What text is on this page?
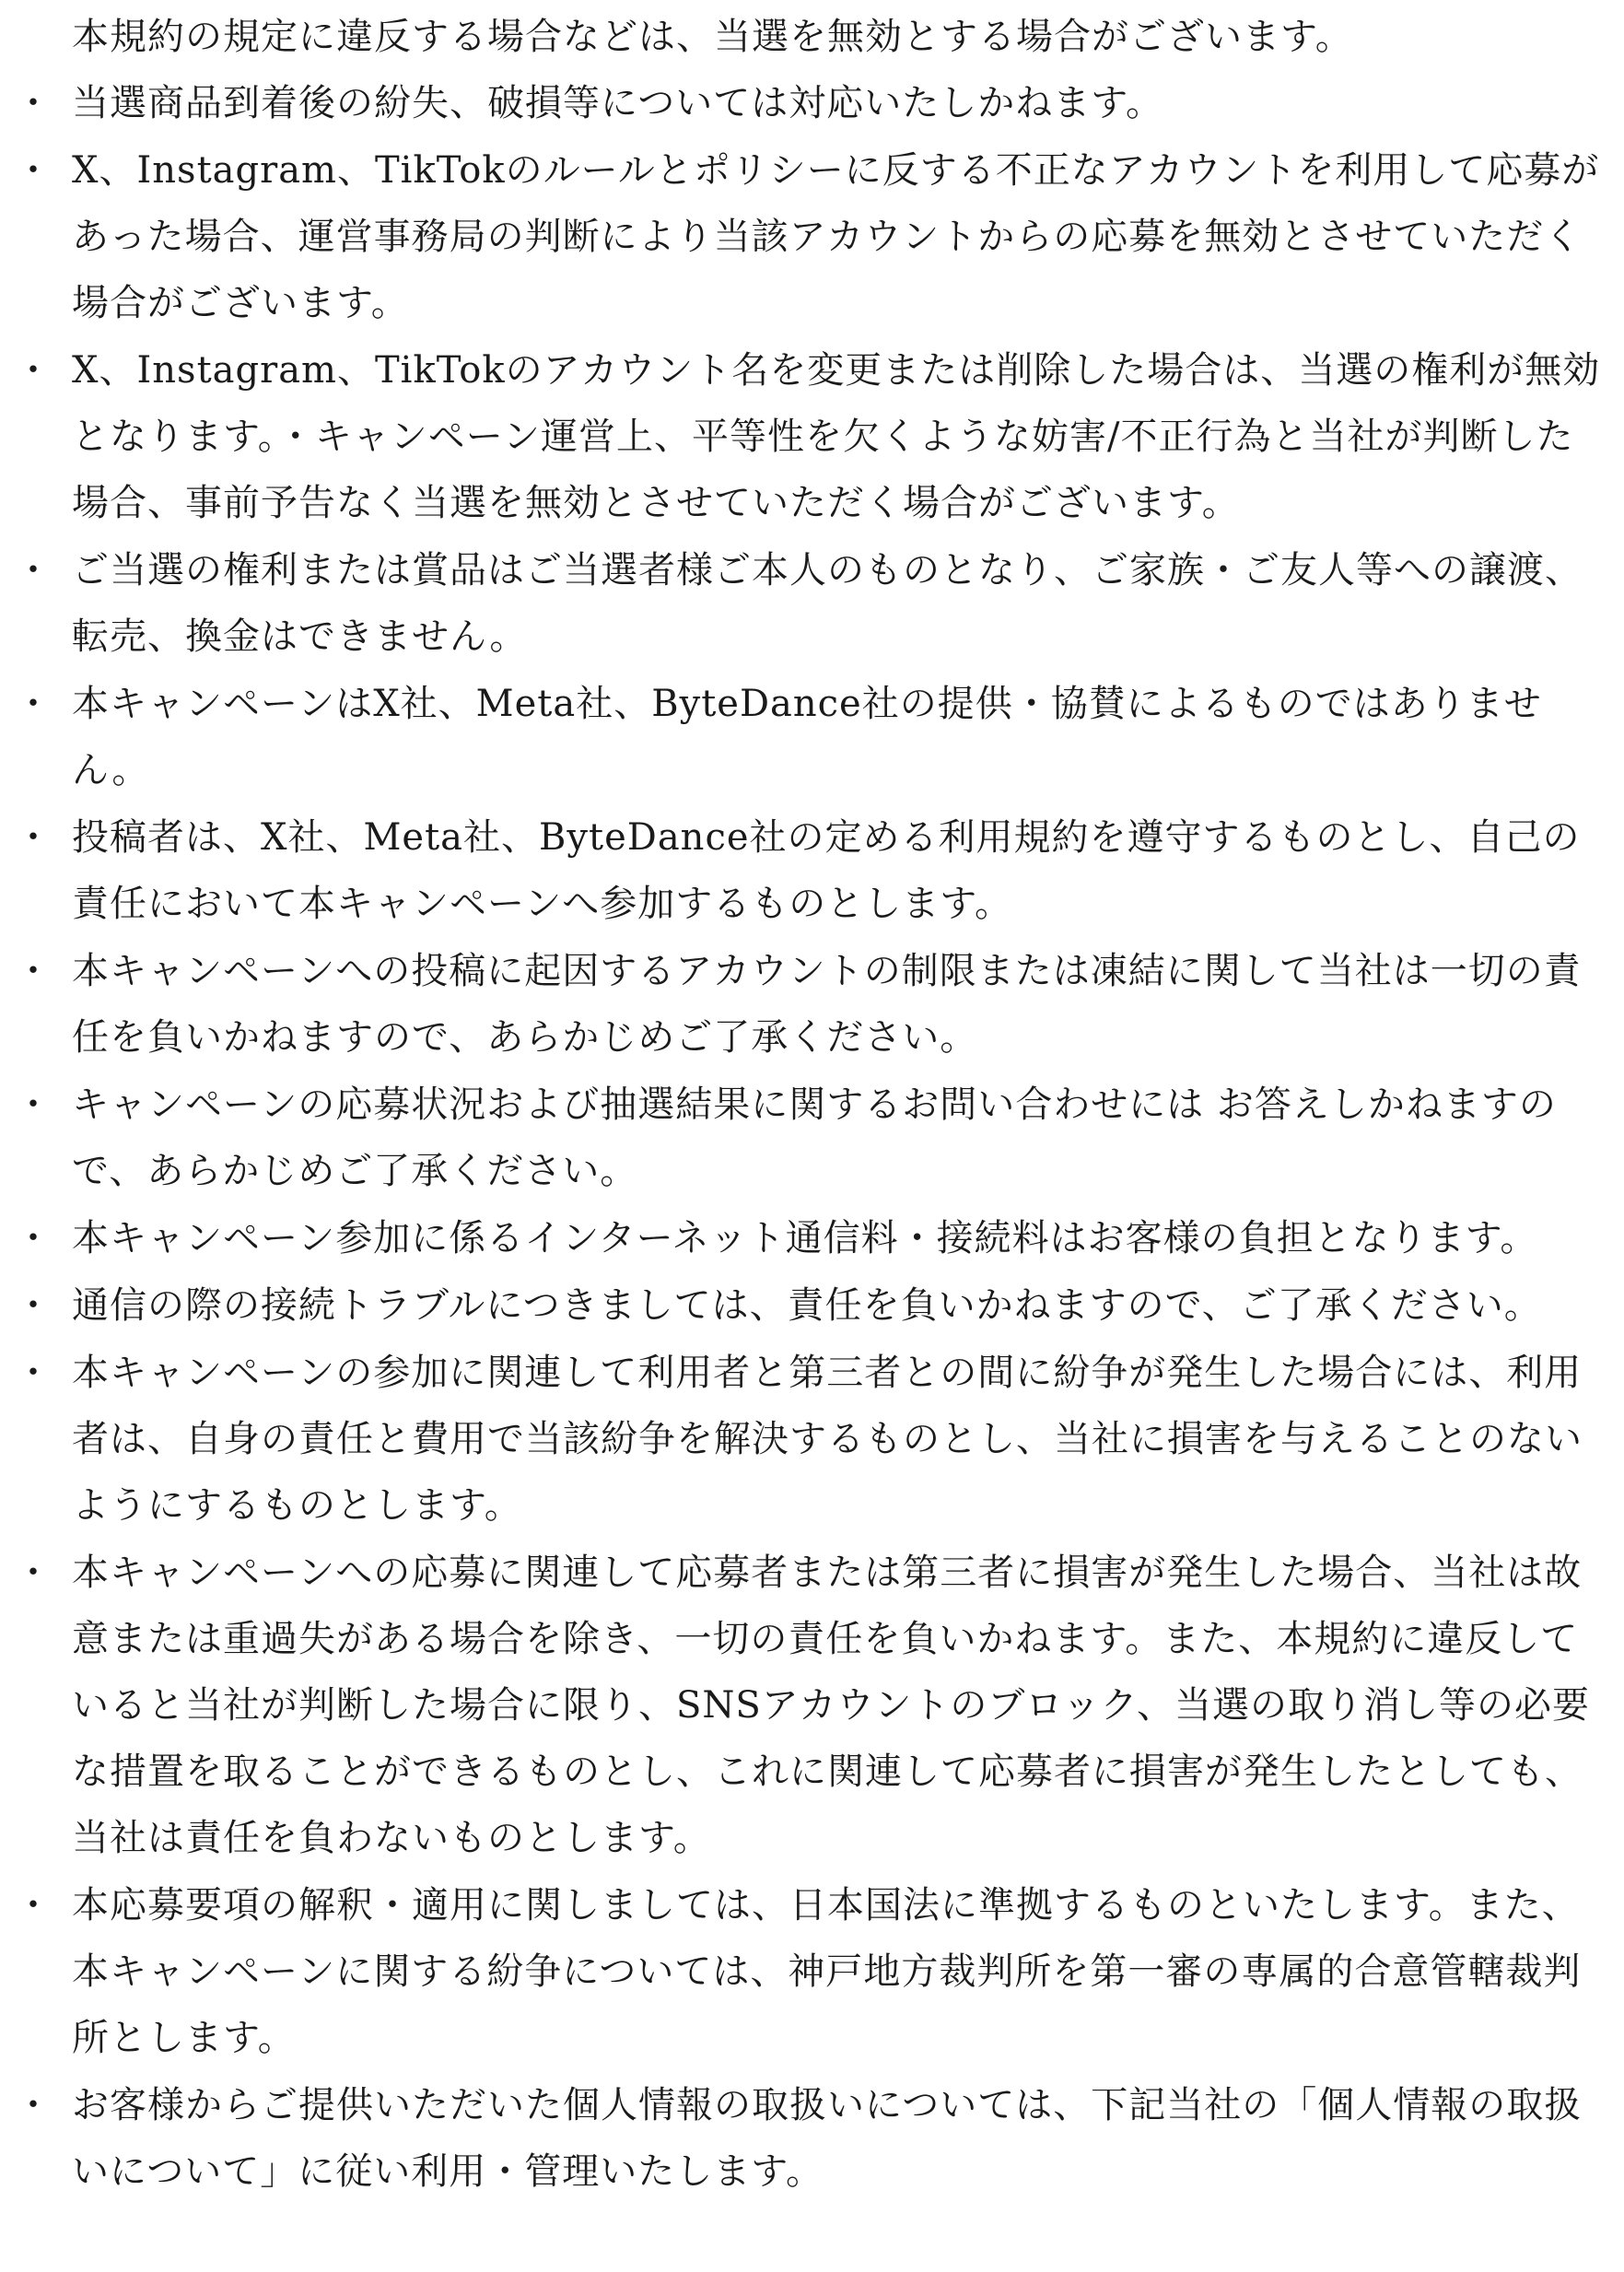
本規約の規定に違反する場合などは、当選を無効とする場合がございます。
・ 当選商品到着後の紛失、破損等については対応いたしかねます。
・ X、Instagram、TikTokのルールとポリシーに反する不正なアカウントを利用して応募があった場合、運営事務局の判断により当該アカウントからの応募を無効とさせていただく場合がございます。
・ X、Instagram、TikTokのアカウント名を変更または削除した場合は、当選の権利が無効となります。・キャンペーン運営上、平等性を欠くような妨害/不正行為と当社が判断した場合、事前予告なく当選を無効とさせていただく場合がございます。
・ ご当選の権利または賞品はご当選者様ご本人のものとなり、ご家族・ご友人等への譲渡、転売、換金はできません。
・ 本キャンペーンはX社、Meta社、ByteDance社の提供・協賛によるものではありません。
・ 投稿者は、X社、Meta社、ByteDance社の定める利用規約を遵守するものとし、自己の責任において本キャンペーンへ参加するものとします。
・ 本キャンペーンへの投稿に起因するアカウントの制限または凍結に関して当社は一切の責任を負いかねますので、あらかじめご了承ください。
・ キャンペーンの応募状況および抽選結果に関するお問い合わせには お答えしかねますので、あらかじめご了承ください。
・ 本キャンペーン参加に係るインターネット通信料・接続料はお客様の負担となります。
・ 通信の際の接続トラブルにつきましては、責任を負いかねますので、ご了承ください。
・ 本キャンペーンの参加に関連して利用者と第三者との間に紛争が発生した場合には、利用者は、自身の責任と費用で当該紛争を解決するものとし、当社に損害を与えることのないようにするものとします。
・ 本キャンペーンへの応募に関連して応募者または第三者に損害が発生した場合、当社は故意または重過失がある場合を除き、一切の責任を負いかねます。また、本規約に違反していると当社が判断した場合に限り、SNSアカウントのブロック、当選の取り消し等の必要な措置を取ることができるものとし、これに関連して応募者に損害が発生したとしても、当社は責任を負わないものとします。
・ 本応募要項の解釈・適用に関しましては、日本国法に準拠するものといたします。また、本キャンペーンに関する紛争については、神戸地方裁判所を第一審の専属的合意管轄裁判所とします。
・ お客様からご提供いただいた個人情報の取扱いについては、下記当社の「個人情報の取扱いについて」に従い利用・管理いたします。
